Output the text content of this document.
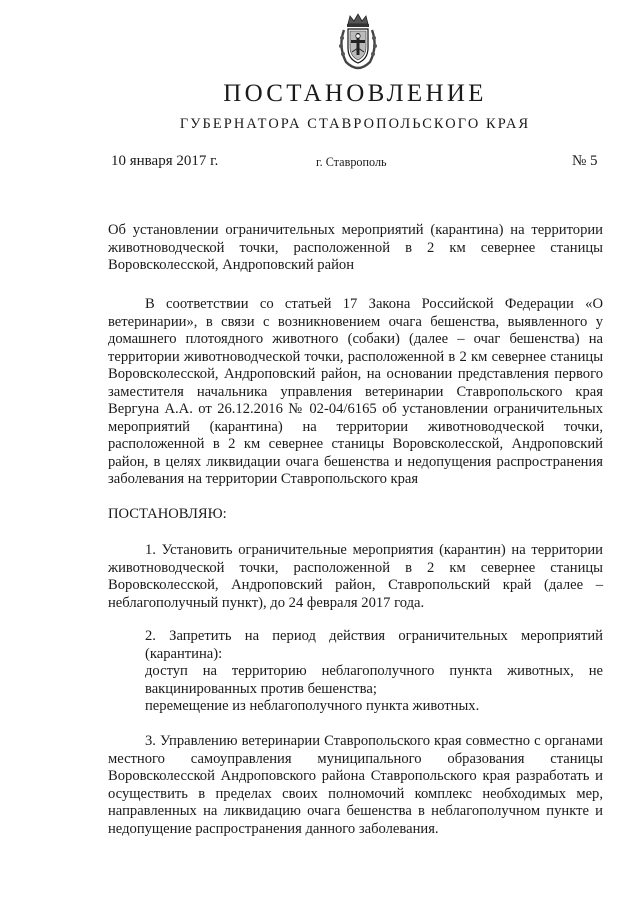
ПОСТАНОВЛЕНИЕ
ГУБЕРНАТОРА СТАВРОПОЛЬСКОГО КРАЯ
10 января 2017 г.	г. Ставрополь	№ 5
Об установлении ограничительных мероприятий (карантина) на территории животноводческой точки, расположенной в 2 км севернее станицы Воровсколесской, Андроповский район
В соответствии со статьей 17 Закона Российской Федерации «О ветеринарии», в связи с возникновением очага бешенства, выявленного у домашнего плотоядного животного (собаки) (далее – очаг бешенства) на территории животноводческой точки, расположенной в 2 км севернее станицы Воровсколесской, Андроповский район, на основании представления первого заместителя начальника управления ветеринарии Ставропольского края Вергуна А.А. от 26.12.2016 № 02-04/6165 об установлении ограничительных мероприятий (карантина) на территории животноводческой точки, расположенной в 2 км севернее станицы Воровсколесской, Андроповский район, в целях ликвидации очага бешенства и недопущения распространения заболевания на территории Ставропольского края
ПОСТАНОВЛЯЮ:
1. Установить ограничительные мероприятия (карантин) на территории животноводческой точки, расположенной в 2 км севернее станицы Воровсколесской, Андроповский район, Ставропольский край (далее – неблагополучный пункт), до 24 февраля 2017 года.
2. Запретить на период действия ограничительных мероприятий (карантина):
доступ на территорию неблагополучного пункта животных, не вакцинированных против бешенства;
перемещение из неблагополучного пункта животных.
3. Управлению ветеринарии Ставропольского края совместно с органами местного самоуправления муниципального образования станицы Воровсколесской Андроповского района Ставропольского края разработать и осуществить в пределах своих полномочий комплекс необходимых мер, направленных на ликвидацию очага бешенства в неблагополучном пункте и недопущение распространения данного заболевания.
